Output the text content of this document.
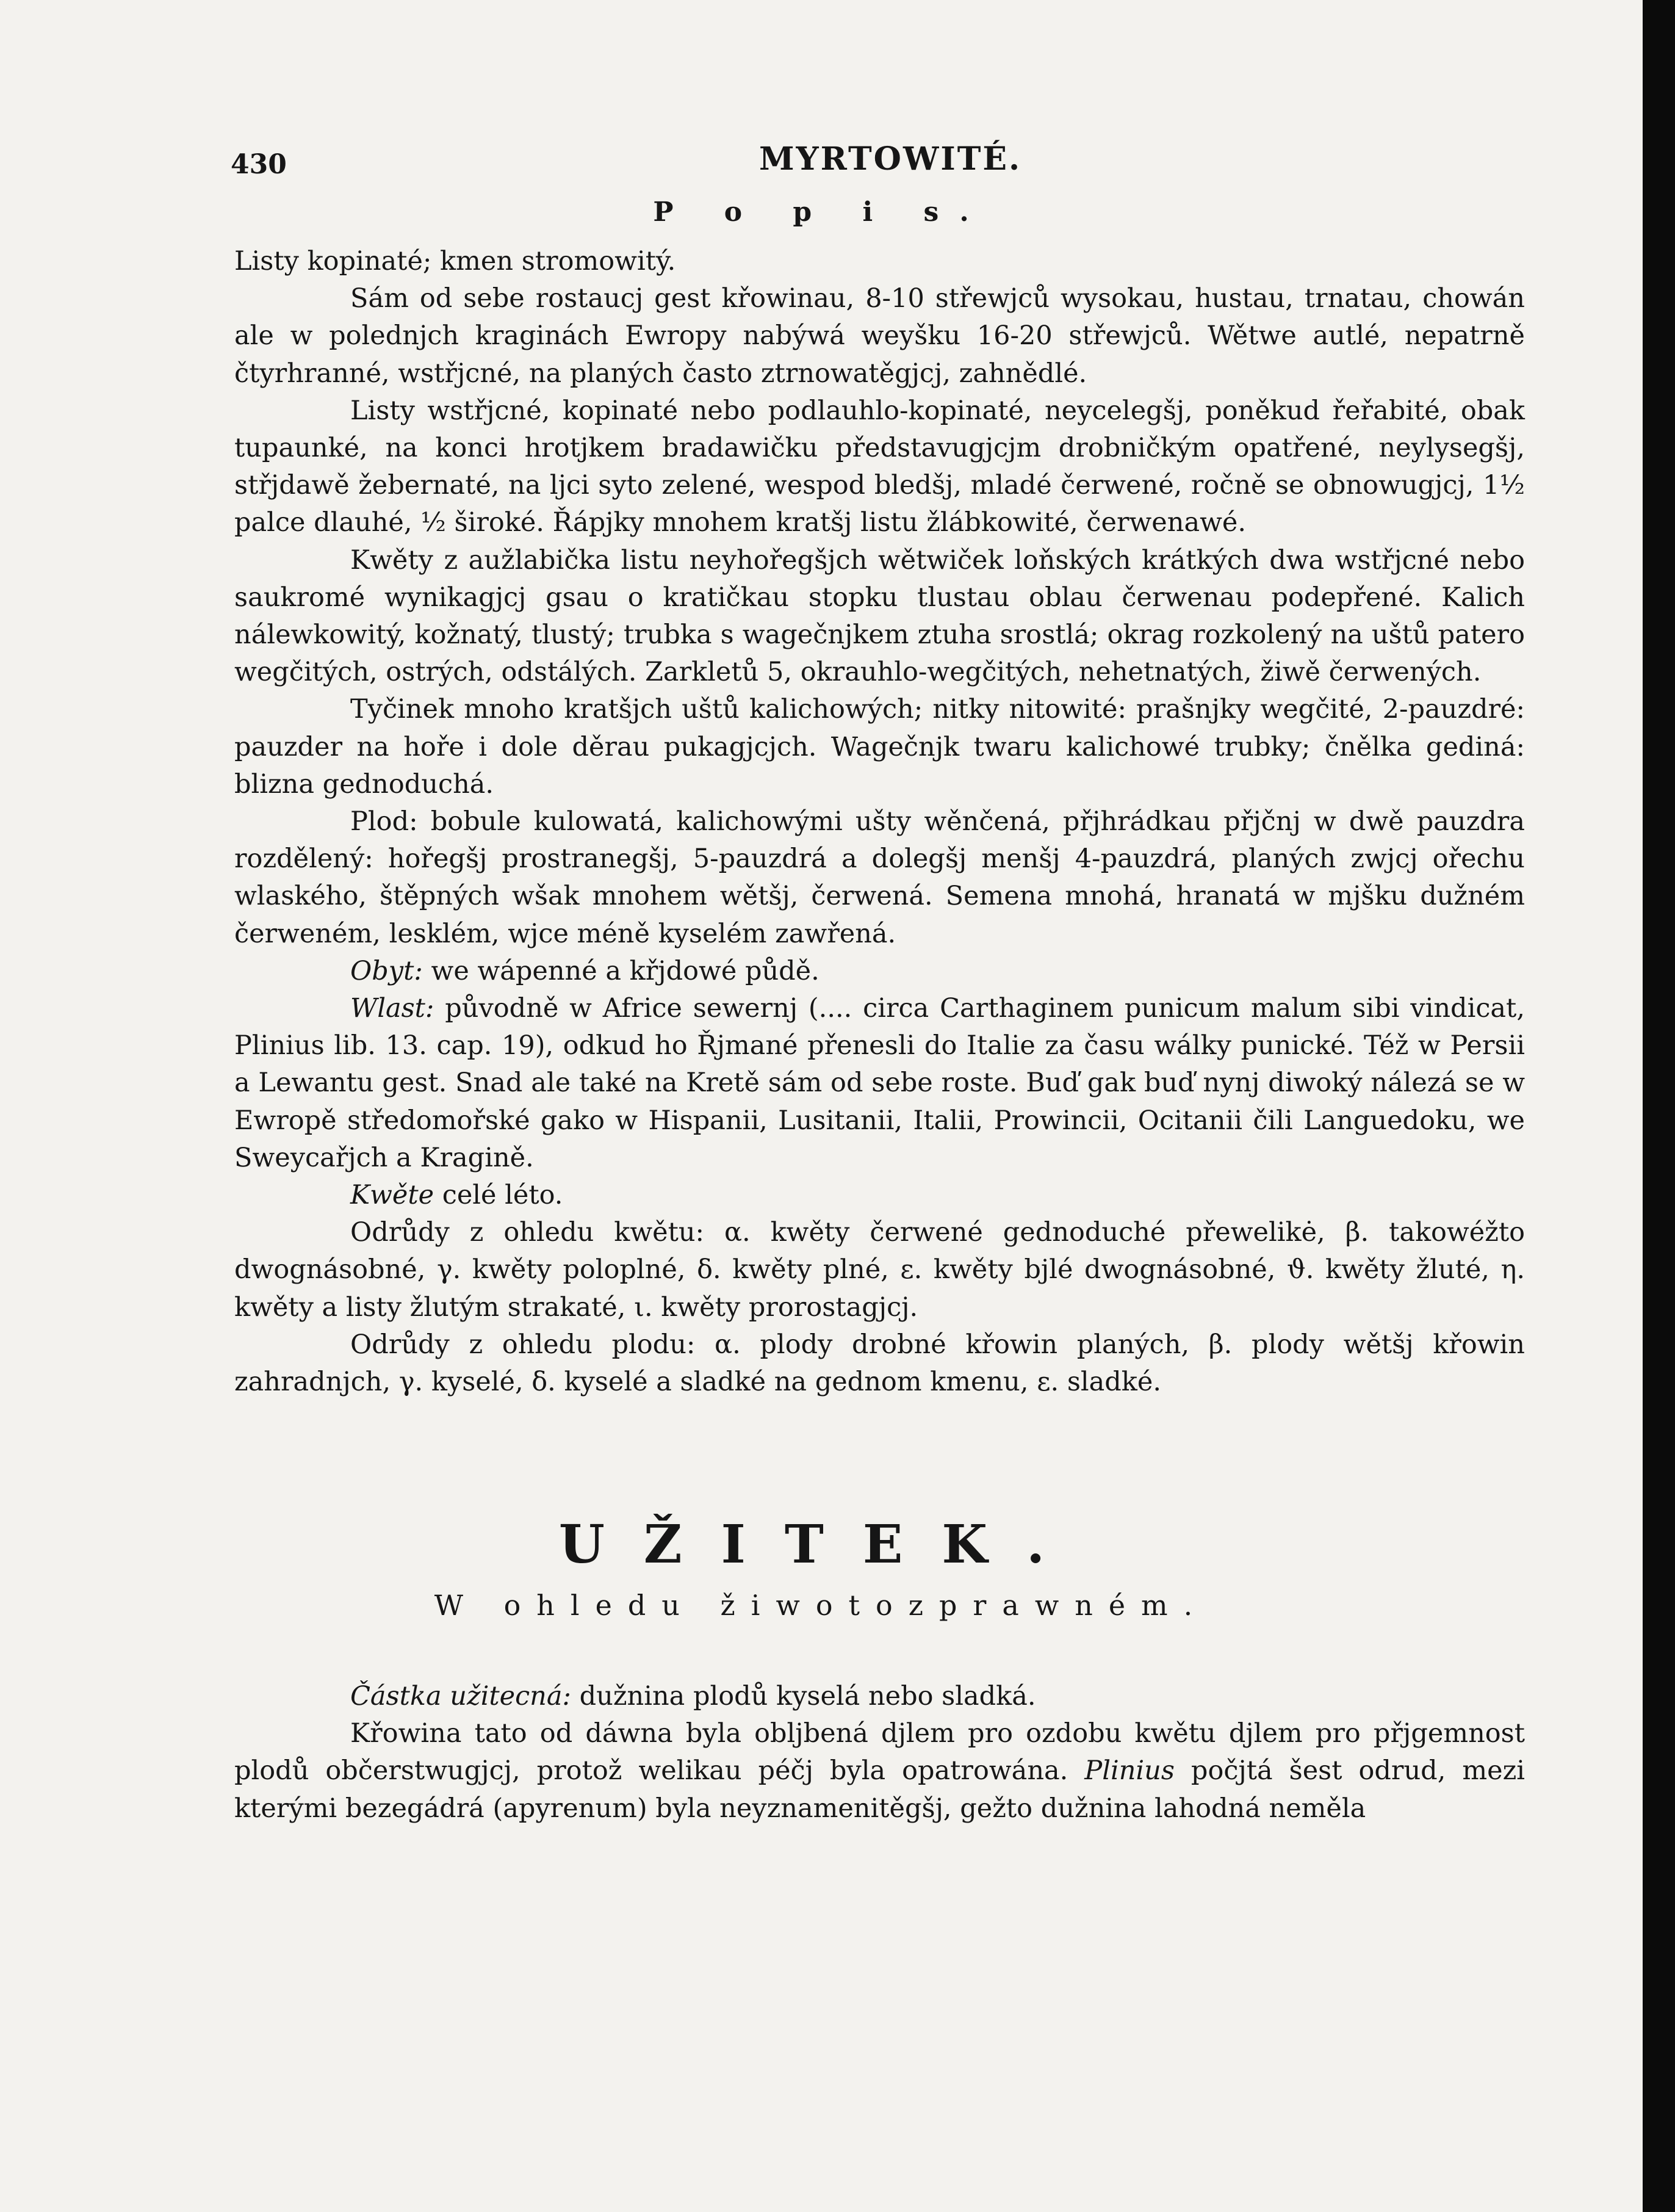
430	MYRTOWITÉ.
P o p i s.

Listy kopinaté; kmen stromowitý.

Sám od sebe rostaucj gest křowinau, 8-10 střewjců wysokau, hustau, trnatau, chowán ale w polednjch kraginách Ewropy nabýwá weyšku 16-20 střewjců. Wětwe autlé, nepatrně čtyrhranné, wstřjcné, na planých často ztrnowatěgjcj, zahnědlé.

Listy wstřjcné, kopinaté nebo podlauhlo-kopinaté, neycelegšj, poněkud řeřabité, obak tupaunké, na konci hrotjkem bradawičku představugjcjm drobničkým opatřené, neylysegšj, střjdawě žebernaté, na ljci syto zelené, wespod bledšj, mladé čerwené, ročně se obnowugjcj, 1½ palce dlauhé, ½ široké. Řápjky mnohem kratšj listu žlábkowité, čerwenawé.

Kwěty z aužlabička listu neyhořegšjch wětwiček loňských krátkých dwa wstřjcné nebo saukromé wynikagjcj gsau o kratičkau stopku tlustau oblau čerwenau podepřené. Kalich nálewkowitý, kožnatý, tlustý; trubka s wagečnjkem ztuha srostlá; okrag rozkolený na uštů patero wegčitých, ostrých, odstálých. Zarkletů 5, okrauhlo-wegčitých, nehetnatých, žiwě čerwených.

Tyčinek mnoho kratšjch uštů kalichowých; nitky nitowité: prašnjky wegčité, 2-pauzdré: pauzder na hoře i dole děrau pukagjcjch. Wagečnjk twaru kalichowé trubky; čnělka gediná: blizna gednoduchá.

Plod: bobule kulowatá, kalichowými ušty wěnčená, přjhrádkau přjčnj w dwě pauzdra rozdělený: hořegšj prostranegšj, 5-pauzdrá a dolegšj menšj 4-pauzdrá, planých zwjcj ořechu wlaského, štěpných wšak mnohem wětšj, čerwená. Semena mnohá, hranatá w mjšku dužném čerweném, lesklém, wjce méně kyselém zawřená.

Obyt: we wápenné a křjdowé půdě.

Wlast: původně w Africe sewernj (.... circa Carthaginem punicum malum sibi vindicat, Plinius lib. 13. cap. 19), odkud ho Řjmané přenesli do Italie za času wálky punické. Též w Persii a Lewantu gest. Snad ale také na Kretě sám od sebe roste. Buď gak buď nynj diwoký nálezá se w Ewropě středomořské gako w Hispanii, Lusitanii, Italii, Prowincii, Ocitanii čili Languedoku, we Sweycařjch a Kragině.

Kwěte celé léto.

Odrůdy z ohledu kwětu: α. kwěty čerwené gednoduché přewelikė, β. takowéžto dwognásobné, γ. kwěty poloplné, δ. kwěty plné, ε. kwěty bjlé dwognásobné, ϑ. kwěty žluté, η. kwěty a listy žlutým strakaté, ι. kwěty prorostagjcj.

Odrůdy z ohledu plodu: α. plody drobné křowin planých, β. plody wětšj křowin zahradnjch, γ. kyselé, δ. kyselé a sladké na gednom kmenu, ε. sladké.

UŽITEK.
W ohledu žiwotozprawném.

Částka užitecná: dužnina plodů kyselá nebo sladká.

Křowina tato od dáwna byla oblјbená djlem pro ozdobu kwětu djlem pro přjgemnost plodů občerstwugjcj, protož welikau péčj byla opatrowána. Plinius počjtá šest odrud, mezi kterými bezegádrá (apyrenum) byla neyznamenitěgšj, gežto dužnina lahodná neměla
